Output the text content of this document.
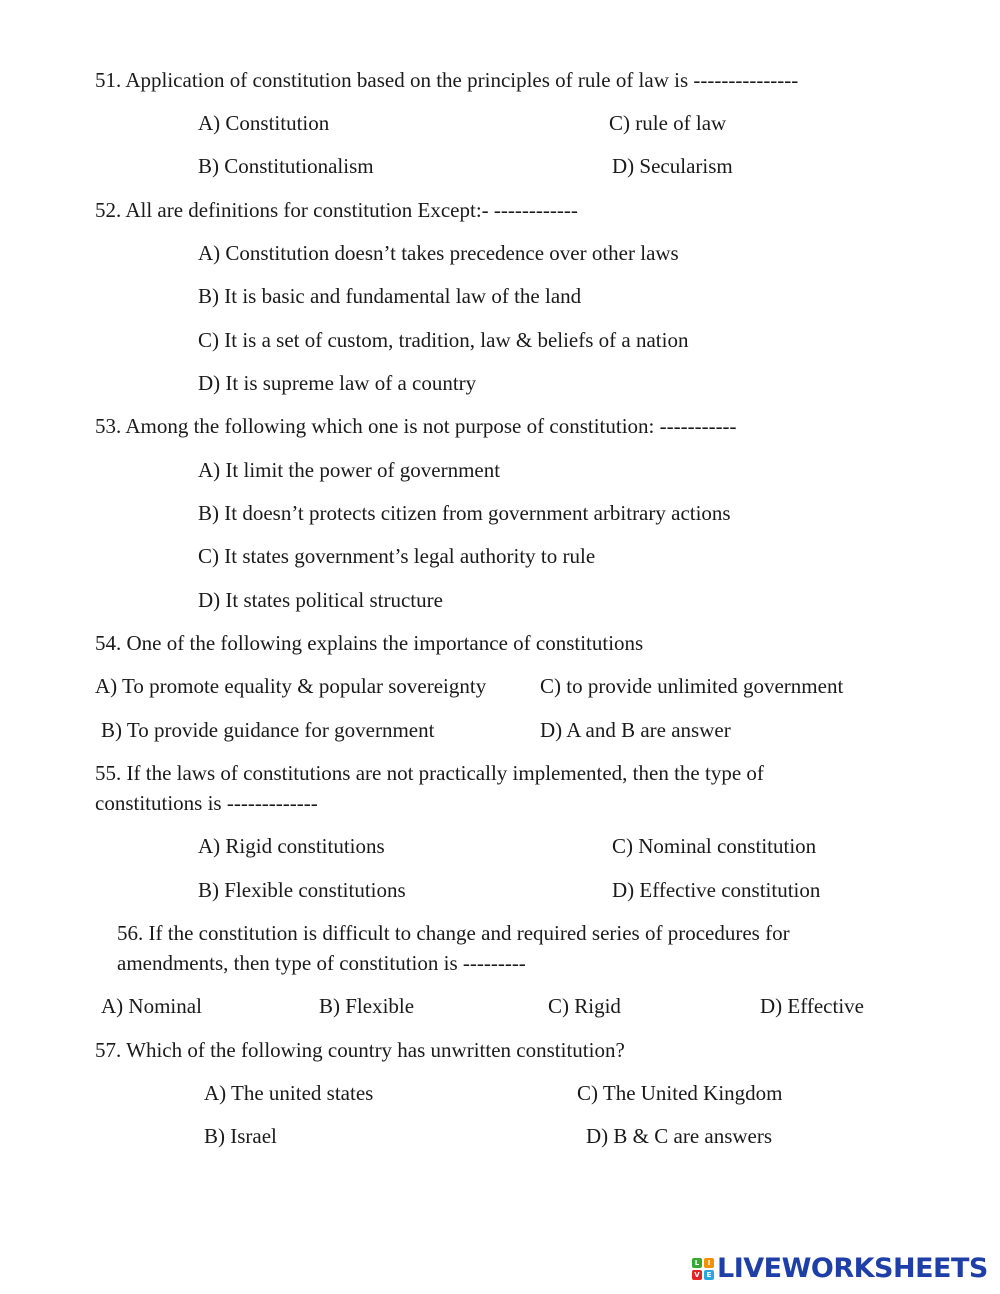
51. Application of constitution based on the principles of rule of law is ---------------
A) Constitution	C) rule of law
B) Constitutionalism	D) Secularism
52. All are definitions for constitution Except:- ------------
A) Constitution doesn’t takes precedence over other laws
B) It is basic and fundamental law of the land
C) It is a set of custom, tradition, law & beliefs of a nation
D) It is supreme law of a country
53. Among the following which one is not purpose of constitution: -----------
A) It limit the power of government
B) It doesn’t protects citizen from government arbitrary actions
C) It states government’s legal authority to rule
D) It states political structure
54. One of the following explains the importance of constitutions
A) To promote equality & popular sovereignty	C) to provide unlimited government
B) To provide guidance for government	D) A and B are answer
55. If the laws of constitutions are not practically implemented, then the type of
constitutions is -------------
A) Rigid constitutions	C) Nominal constitution
B) Flexible constitutions	D) Effective constitution
56. If the constitution is difficult to change and required series of procedures for
amendments, then type of constitution is ---------
A) Nominal	B) Flexible	C) Rigid	D) Effective
57. Which of the following country has unwritten constitution?
A) The united states	C) The United Kingdom
B) Israel	D) B & C are answers
L	I
V E LIVEWORKSHEETS
